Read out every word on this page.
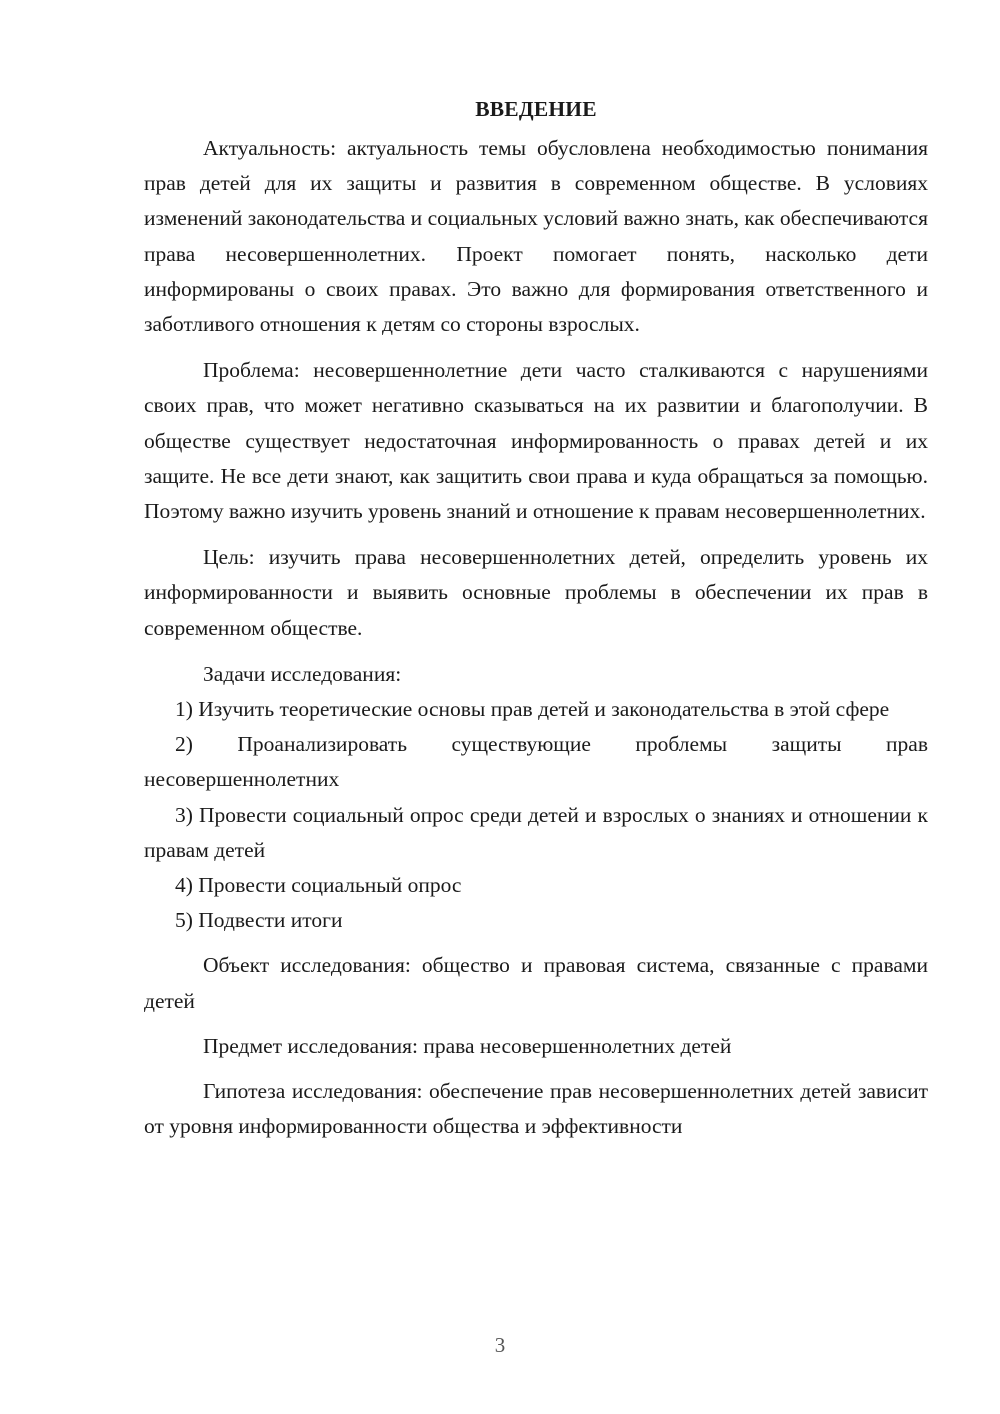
ВВЕДЕНИЕ

Актуальность: актуальность темы обусловлена необходимостью понимания прав детей для их защиты и развития в современном обществе. В условиях изменений законодательства и социальных условий важно знать, как обеспечиваются права несовершеннолетних. Проект помогает понять, насколько дети информированы о своих правах. Это важно для формирования ответственного и заботливого отношения к детям со стороны взрослых.

Проблема: несовершеннолетние дети часто сталкиваются с нарушениями своих прав, что может негативно сказываться на их развитии и благополучии. В обществе существует недостаточная информированность о правах детей и их защите. Не все дети знают, как защитить свои права и куда обращаться за помощью. Поэтому важно изучить уровень знаний и отношение к правам несовершеннолетних.

Цель: изучить права несовершеннолетних детей, определить уровень их информированности и выявить основные проблемы в обеспечении их прав в современном обществе.

Задачи исследования:

1) Изучить теоретические основы прав детей и законодательства в этой сфере

2) Проанализировать существующие проблемы защиты прав несовершеннолетних

3) Провести социальный опрос среди детей и взрослых о знаниях и отношении к правам детей

4) Провести социальный опрос

5) Подвести итоги

Объект исследования: общество и правовая система, связанные с правами детей

Предмет исследования: права несовершеннолетних детей

Гипотеза исследования: обеспечение прав несовершеннолетних детей зависит от уровня информированности общества и эффективности

3
